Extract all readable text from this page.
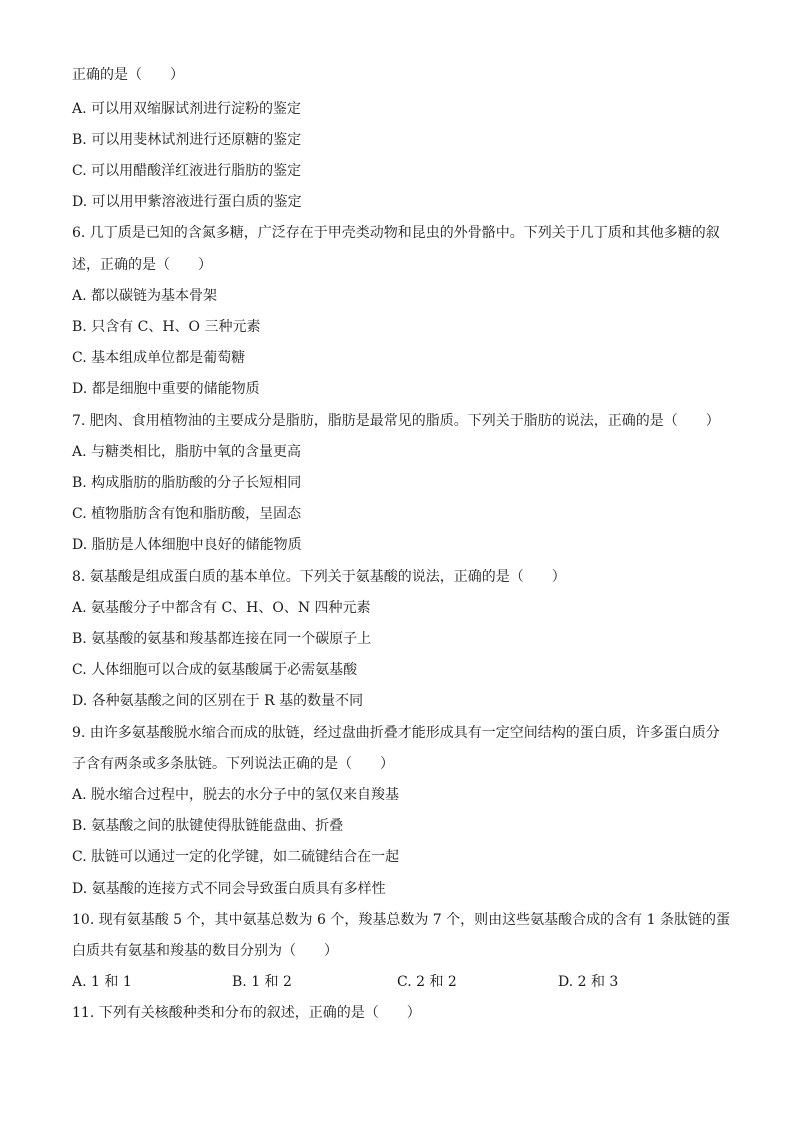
正确的是（　　）
A. 可以用双缩脲试剂进行淀粉的鉴定
B. 可以用斐林试剂进行还原糖的鉴定
C. 可以用醋酸洋红液进行脂肪的鉴定
D. 可以用甲紫溶液进行蛋白质的鉴定
6. 几丁质是已知的含氮多糖，广泛存在于甲壳类动物和昆虫的外骨骼中。下列关于几丁质和其他多糖的叙
述，正确的是（　　）
A. 都以碳链为基本骨架
B. 只含有 C、H、O 三种元素
C. 基本组成单位都是葡萄糖
D. 都是细胞中重要的储能物质
7. 肥肉、食用植物油的主要成分是脂肪，脂肪是最常见的脂质。下列关于脂肪的说法，正确的是（　　）
A. 与糖类相比，脂肪中氧的含量更高
B. 构成脂肪的脂肪酸的分子长短相同
C. 植物脂肪含有饱和脂肪酸，呈固态
D. 脂肪是人体细胞中良好的储能物质
8. 氨基酸是组成蛋白质的基本单位。下列关于氨基酸的说法，正确的是（　　）
A. 氨基酸分子中都含有 C、H、O、N 四种元素
B. 氨基酸的氨基和羧基都连接在同一个碳原子上
C. 人体细胞可以合成的氨基酸属于必需氨基酸
D. 各种氨基酸之间的区别在于 R 基的数量不同
9. 由许多氨基酸脱水缩合而成的肽链，经过盘曲折叠才能形成具有一定空间结构的蛋白质，许多蛋白质分
子含有两条或多条肽链。下列说法正确的是（　　）
A. 脱水缩合过程中，脱去的水分子中的氢仅来自羧基
B. 氨基酸之间的肽键使得肽链能盘曲、折叠
C. 肽链可以通过一定的化学键，如二硫键结合在一起
D. 氨基酸的连接方式不同会导致蛋白质具有多样性
10. 现有氨基酸 5 个，其中氨基总数为 6 个，羧基总数为 7 个，则由这些氨基酸合成的含有 1 条肽链的蛋
白质共有氨基和羧基的数目分别为（　　）
A. 1 和 1	B. 1 和 2	C. 2 和 2	D. 2 和 3
11. 下列有关核酸种类和分布的叙述，正确的是（　　）
